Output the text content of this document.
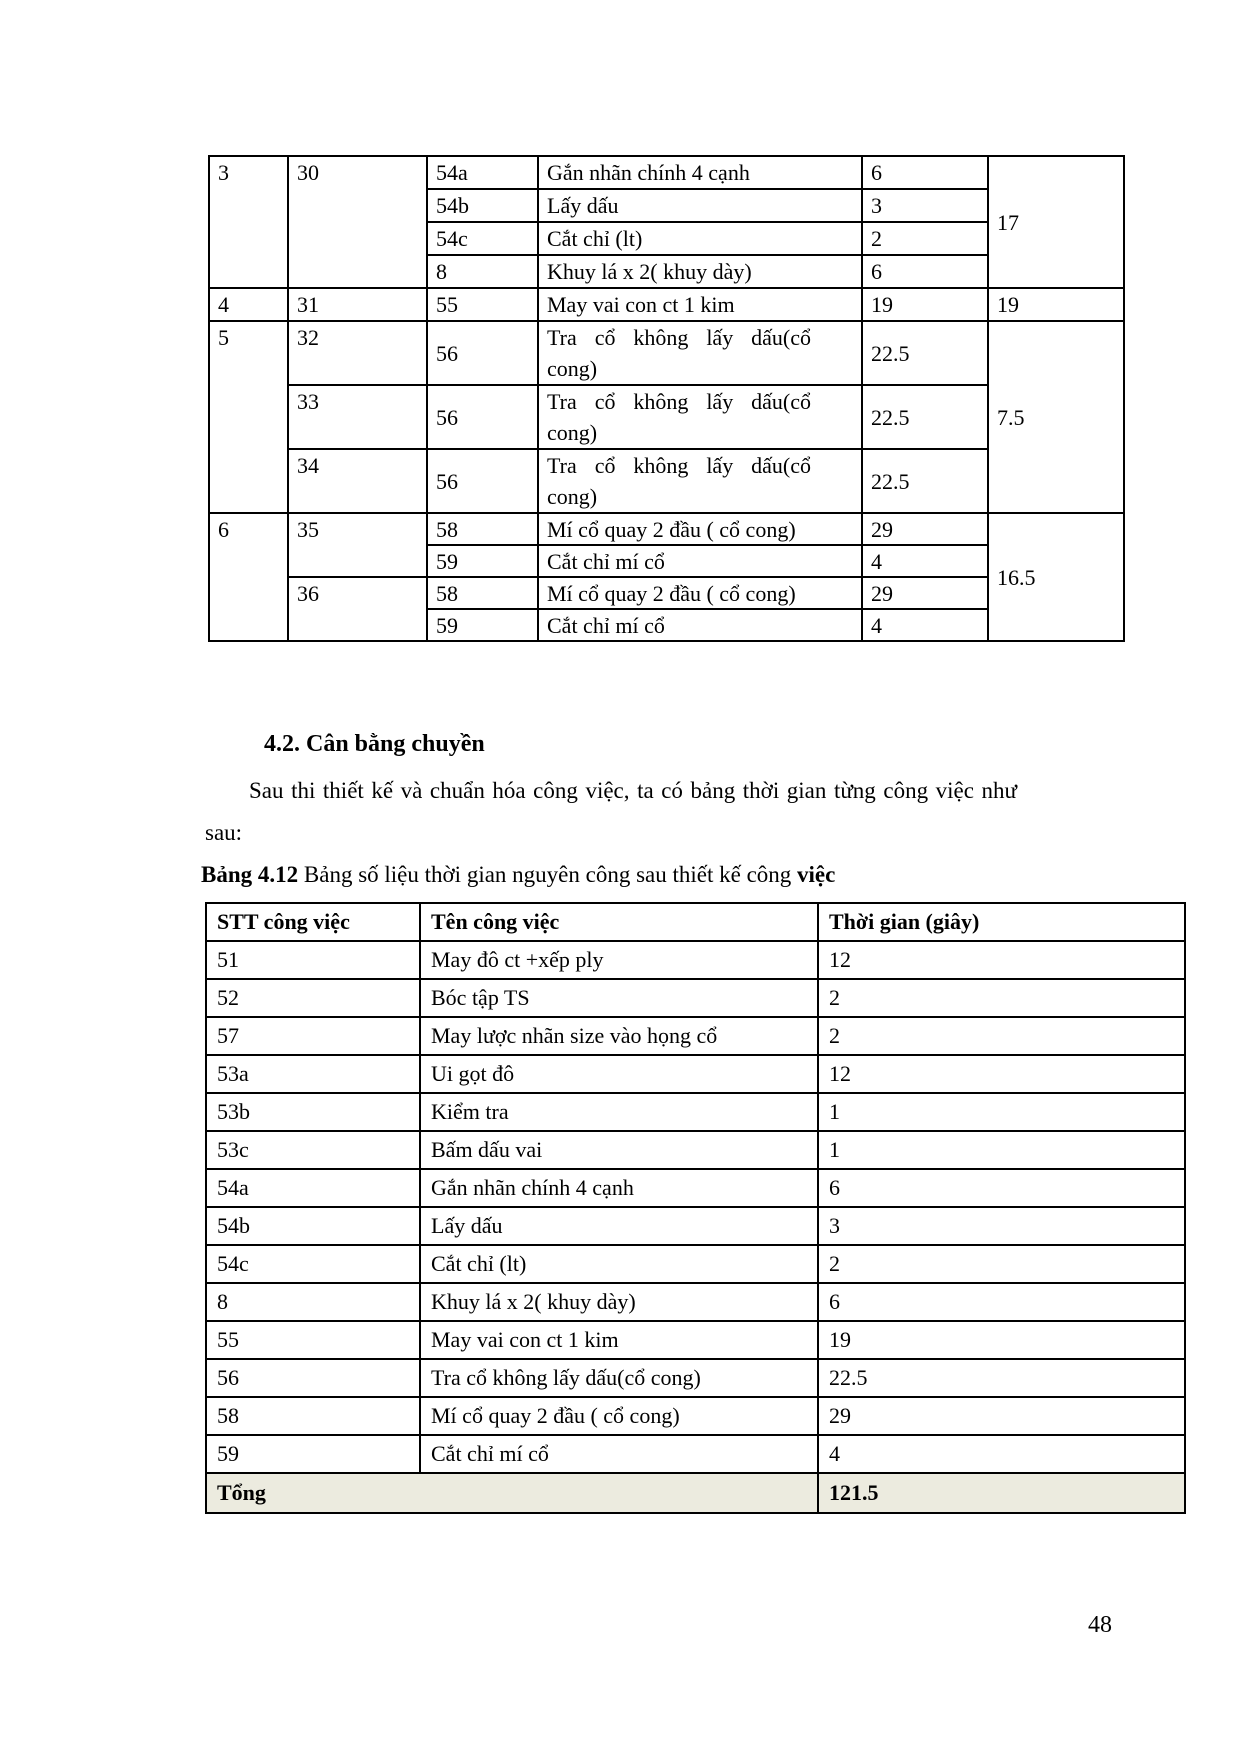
3	30	54a	Gắn nhãn chính 4 cạnh	6	17
		54b	Lấy dấu	3	
		54c	Cắt chỉ (lt)	2	
		8	Khuy lá x 2( khuy dày)	6	
4	31	55	May vai con ct 1 kim	19	19
5	32	56	Tra cổ không lấy dấu(cổ cong)	22.5	7.5
	33	56	Tra cổ không lấy dấu(cổ cong)	22.5	
	34	56	Tra cổ không lấy dấu(cổ cong)	22.5	
6	35	58	Mí cổ quay 2 đầu ( cổ cong)	29	16.5
		59	Cắt chỉ mí cổ	4	
	36	58	Mí cổ quay 2 đầu ( cổ cong)	29	
		59	Cắt chỉ mí cổ	4	
4.2. Cân bằng chuyền
Sau thi thiết kế và chuẩn hóa công việc, ta có bảng thời gian từng công việc như sau:
Bảng 4.12 Bảng số liệu thời gian nguyên công sau thiết kế công việc
STT công việc	Tên công việc	Thời gian (giây)
51	May đô ct +xếp ply	12
52	Bóc tập TS	2
57	May lược nhãn size vào họng cổ	2
53a	Ui gọt đô	12
53b	Kiểm tra	1
53c	Bấm dấu vai	1
54a	Gắn nhãn chính 4 cạnh	6
54b	Lấy dấu	3
54c	Cắt chỉ (lt)	2
8	Khuy lá x 2( khuy dày)	6
55	May vai con ct 1 kim	19
56	Tra cổ không lấy dấu(cổ cong)	22.5
58	Mí cổ quay 2 đầu ( cổ cong)	29
59	Cắt chỉ mí cổ	4
Tổng		121.5
48
